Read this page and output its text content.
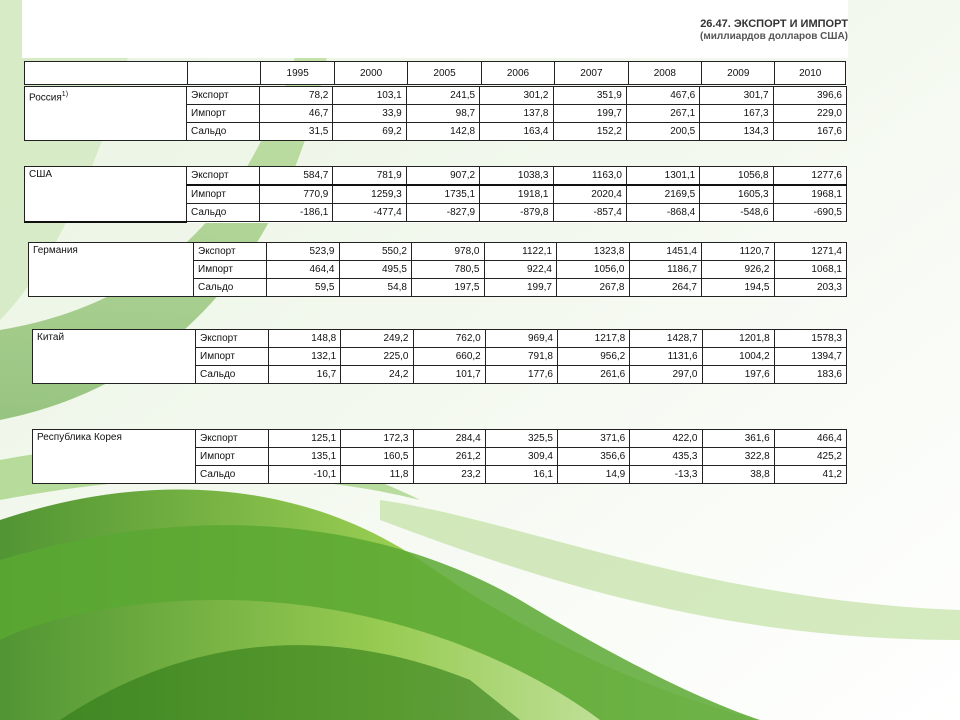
26.47. ЭКСПОРТ И ИМПОРТ
(миллиардов долларов США)
		1995	2000	2005	2006	2007	2008	2009	2010
Россия$^{1)}$	Экспорт	78,2	103,1	241,5	301,2	351,9	467,6	301,7	396,6
	Импорт	46,7	33,9	98,7	137,8	199,7	267,1	167,3	229,0
	Сальдо	31,5	69,2	142,8	163,4	152,2	200,5	134,3	167,6
США	Экспорт	584,7	781,9	907,2	1038,3	1163,0	1301,1	1056,8	1277,6
	Импорт	770,9	1259,3	1735,1	1918,1	2020,4	2169,5	1605,3	1968,1
	Сальдо	-186,1	-477,4	-827,9	-879,8	-857,4	-868,4	-548,6	-690,5
Германия	Экспорт	523,9	550,2	978,0	1122,1	1323,8	1451,4	1120,7	1271,4
	Импорт	464,4	495,5	780,5	922,4	1056,0	1186,7	926,2	1068,1
	Сальдо	59,5	54,8	197,5	199,7	267,8	264,7	194,5	203,3
Китай	Экспорт	148,8	249,2	762,0	969,4	1217,8	1428,7	1201,8	1578,3
	Импорт	132,1	225,0	660,2	791,8	956,2	1131,6	1004,2	1394,7
	Сальдо	16,7	24,2	101,7	177,6	261,6	297,0	197,6	183,6
Республика Корея	Экспорт	125,1	172,3	284,4	325,5	371,6	422,0	361,6	466,4
	Импорт	135,1	160,5	261,2	309,4	356,6	435,3	322,8	425,2
	Сальдо	-10,1	11,8	23,2	16,1	14,9	-13,3	38,8	41,2
